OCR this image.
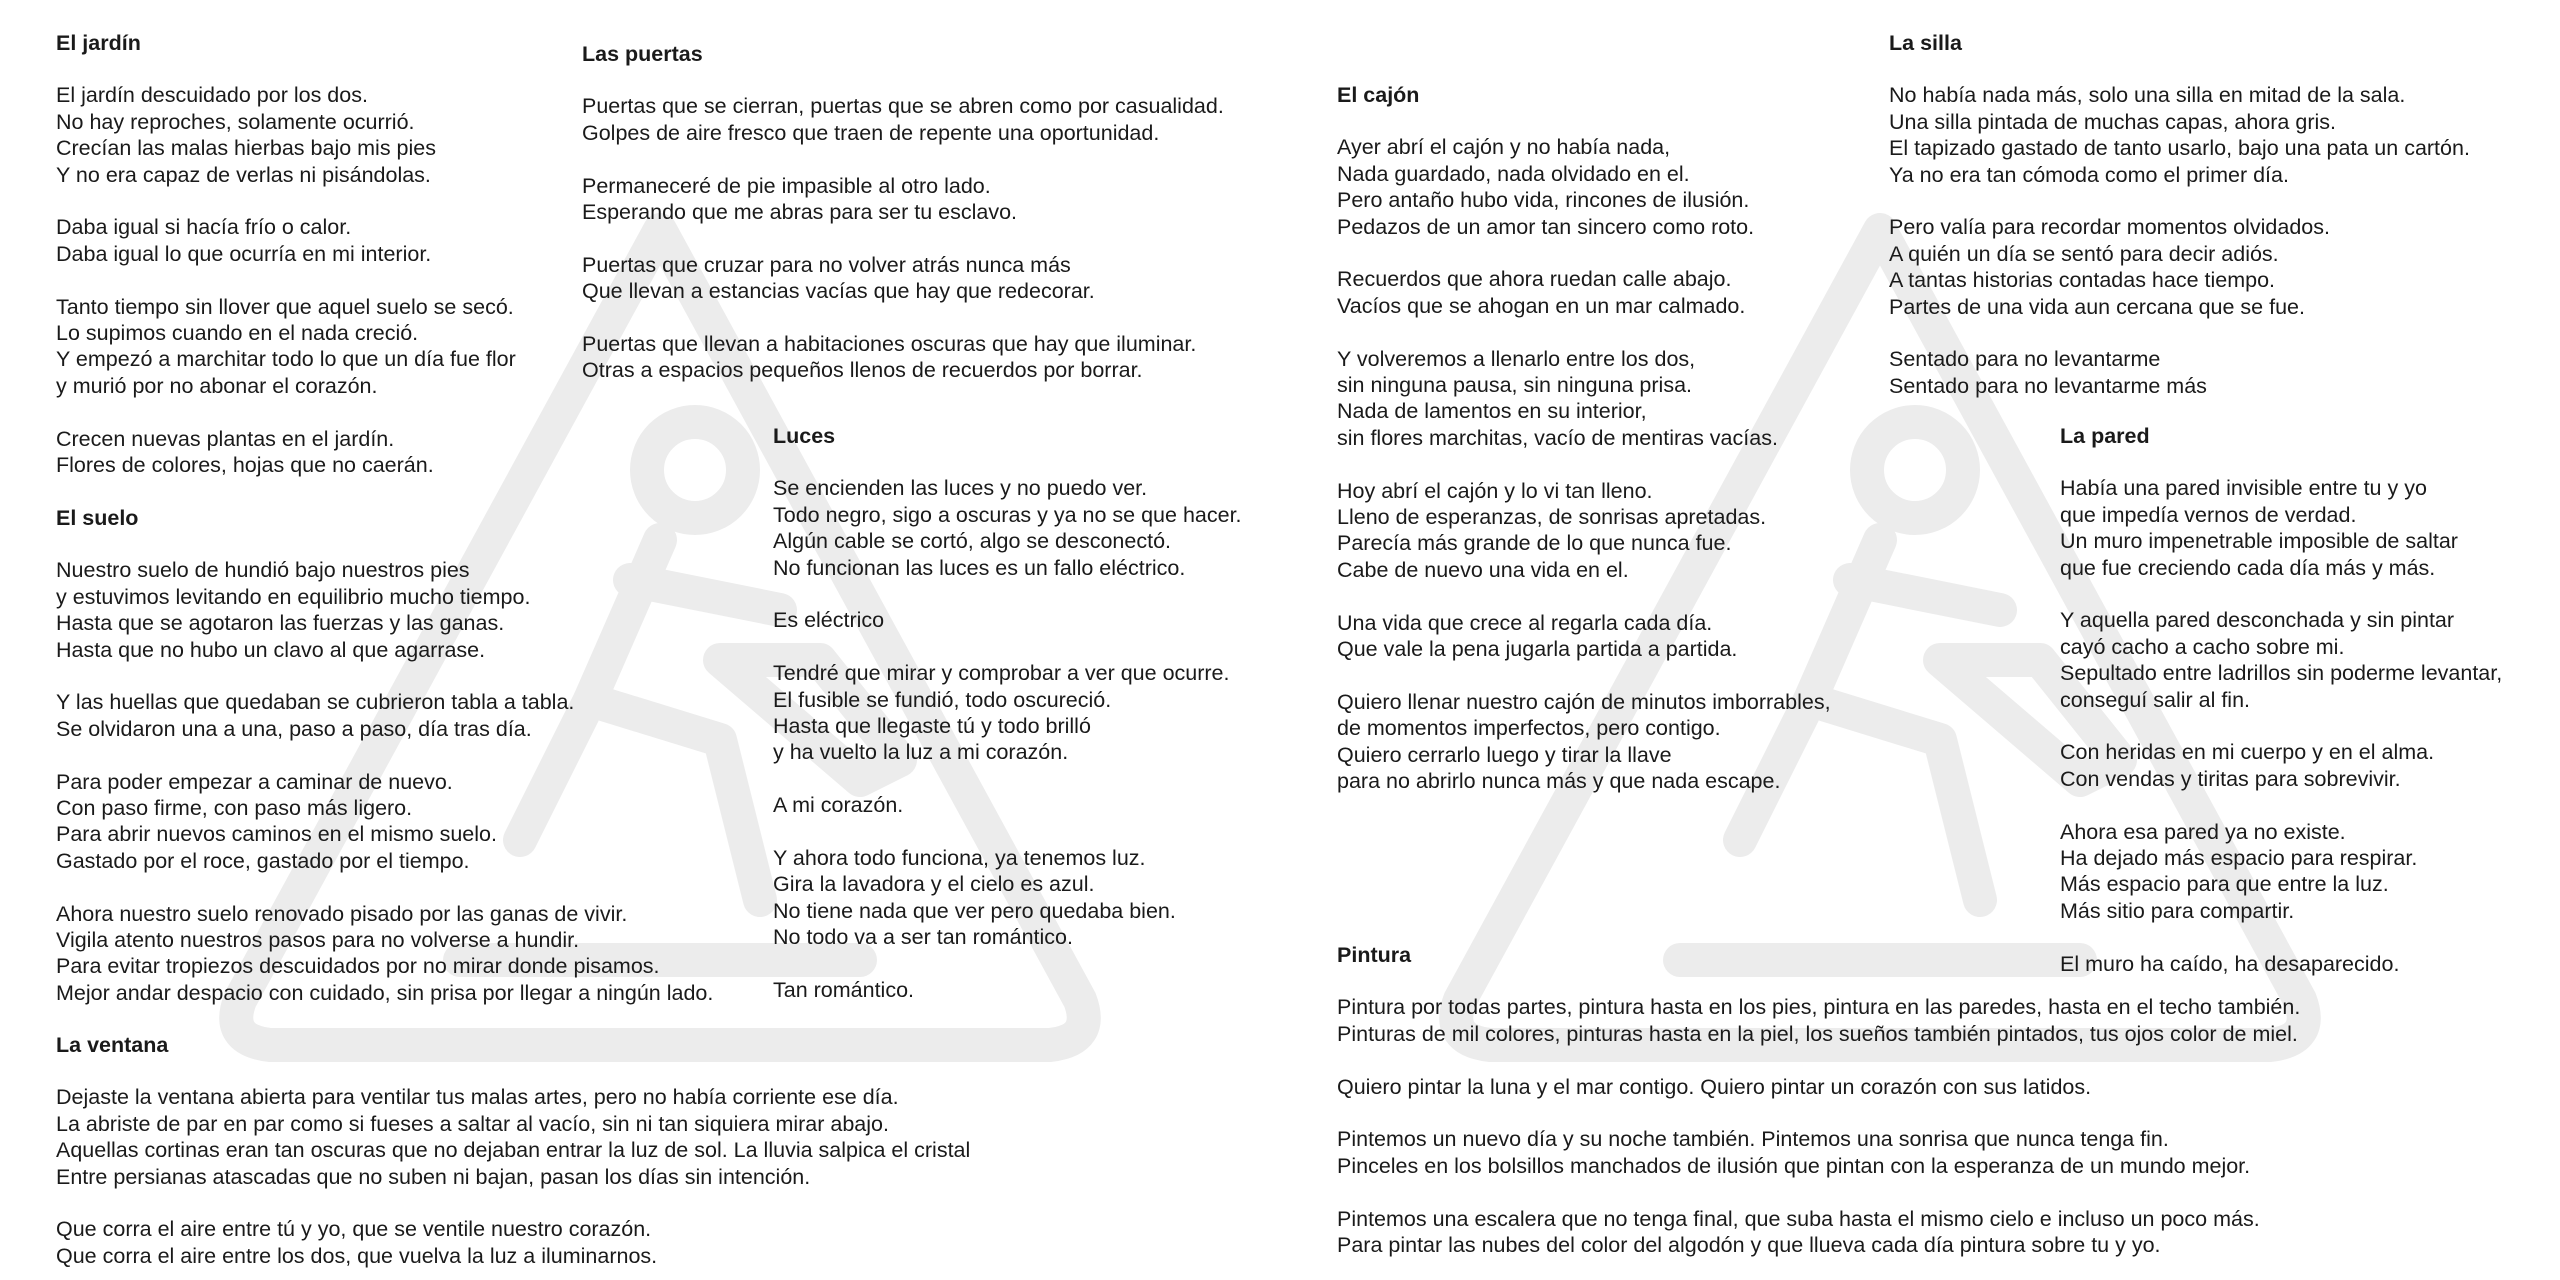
El jardín
El jardín descuidado por los dos.
No hay reproches, solamente ocurrió.
Crecían las malas hierbas bajo mis pies
Y no era capaz de verlas ni pisándolas.
Daba igual si hacía frío o calor.
Daba igual lo que ocurría en mi interior.
Tanto tiempo sin llover que aquel suelo se secó.
Lo supimos cuando en el nada creció.
Y empezó a marchitar todo lo que un día fue flor
y murió por no abonar el corazón.
Crecen nuevas plantas en el jardín.
Flores de colores, hojas que no caerán.
El suelo
Nuestro suelo de hundió bajo nuestros pies
y estuvimos levitando en equilibrio mucho tiempo.
Hasta que se agotaron las fuerzas y las ganas.
Hasta que no hubo un clavo al que agarrase.
Y las huellas que quedaban se cubrieron tabla a tabla.
Se olvidaron una a una, paso a paso, día tras día.
Para poder empezar a caminar de nuevo.
Con paso firme, con paso más ligero.
Para abrir nuevos caminos en el mismo suelo.
Gastado por el roce, gastado por el tiempo.
Ahora nuestro suelo renovado pisado por las ganas de vivir.
Vigila atento nuestros pasos para no volverse a hundir.
Para evitar tropiezos descuidados por no mirar donde pisamos.
Mejor andar despacio con cuidado, sin prisa por llegar a ningún lado.
La ventana
Dejaste la ventana abierta para ventilar tus malas artes, pero no había corriente ese día.
La abriste de par en par como si fueses a saltar al vacío, sin ni tan siquiera mirar abajo.
Aquellas cortinas eran tan oscuras que no dejaban entrar la luz de sol. La lluvia salpica el cristal
Entre persianas atascadas que no suben ni bajan, pasan los días sin intención.
Que corra el aire entre tú y yo, que se ventile nuestro corazón.
Que corra el aire entre los dos, que vuelva la luz a iluminarnos.
Las puertas
Puertas que se cierran, puertas que se abren como por casualidad.
Golpes de aire fresco que traen de repente una oportunidad.
Permaneceré de pie impasible al otro lado.
Esperando que me abras para ser tu esclavo.
Puertas que cruzar para no volver atrás nunca más
Que llevan a estancias vacías que hay que redecorar.
Puertas que llevan a habitaciones oscuras que hay que iluminar.
Otras a espacios pequeños llenos de recuerdos por borrar.
Luces
Se encienden las luces y no puedo ver.
Todo negro, sigo a oscuras y ya no se que hacer.
Algún cable se cortó, algo se desconectó.
No funcionan las luces es un fallo eléctrico.
Es eléctrico
Tendré que mirar y comprobar a ver que ocurre.
El fusible se fundió, todo oscureció.
Hasta que llegaste tú y todo brilló
y ha vuelto la luz a mi corazón.
A mi corazón.
Y ahora todo funciona, ya tenemos luz.
Gira la lavadora y el cielo es azul.
No tiene nada que ver pero quedaba bien.
No todo va a ser tan romántico.
Tan romántico.
El cajón
Ayer abrí el cajón y no había nada,
Nada guardado, nada olvidado en el.
Pero antaño hubo vida, rincones de ilusión.
Pedazos de un amor tan sincero como roto.
Recuerdos que ahora ruedan calle abajo.
Vacíos que se ahogan en un mar calmado.
Y volveremos a llenarlo entre los dos,
sin ninguna pausa, sin ninguna prisa.
Nada de lamentos en su interior,
sin flores marchitas, vacío de mentiras vacías.
Hoy abrí el cajón y lo vi tan lleno.
Lleno de esperanzas, de sonrisas apretadas.
Parecía más grande de lo que nunca fue.
Cabe de nuevo una vida en el.
Una vida que crece al regarla cada día.
Que vale la pena jugarla partida a partida.
Quiero llenar nuestro cajón de minutos imborrables,
de momentos imperfectos, pero contigo.
Quiero cerrarlo luego y tirar la llave
para no abrirlo nunca más y que nada escape.
Pintura
Pintura por todas partes, pintura hasta en los pies, pintura en las paredes, hasta en el techo también.
Pinturas de mil colores, pinturas hasta en la piel, los sueños también pintados, tus ojos color de miel.
Quiero pintar la luna y el mar contigo. Quiero pintar un corazón con sus latidos.
Pintemos un nuevo día y su noche también. Pintemos una sonrisa que nunca tenga fin.
Pinceles en los bolsillos manchados de ilusión que pintan con la esperanza de un mundo mejor.
Pintemos una escalera que no tenga final, que suba hasta el mismo cielo e incluso un poco más.
Para pintar las nubes del color del algodón y que llueva cada día pintura sobre tu y yo.
La silla
No había nada más, solo una silla en mitad de la sala.
Una silla pintada de muchas capas, ahora gris.
El tapizado gastado de tanto usarlo, bajo una pata un cartón.
Ya no era tan cómoda como el primer día.
Pero valía para recordar momentos olvidados.
A quién un día se sentó para decir adiós.
A tantas historias contadas hace tiempo.
Partes de una vida aun cercana que se fue.
Sentado para no levantarme
Sentado para no levantarme más
La pared
Había una pared invisible entre tu y yo
que impedía vernos de verdad.
Un muro impenetrable imposible de saltar
que fue creciendo cada día más y más.
Y aquella pared desconchada y sin pintar
cayó cacho a cacho sobre mi.
Sepultado entre ladrillos sin poderme levantar,
conseguí salir al fin.
Con heridas en mi cuerpo y en el alma.
Con vendas y tiritas para sobrevivir.
Ahora esa pared ya no existe.
Ha dejado más espacio para respirar.
Más espacio para que entre la luz.
Más sitio para compartir.
El muro ha caído, ha desaparecido.
